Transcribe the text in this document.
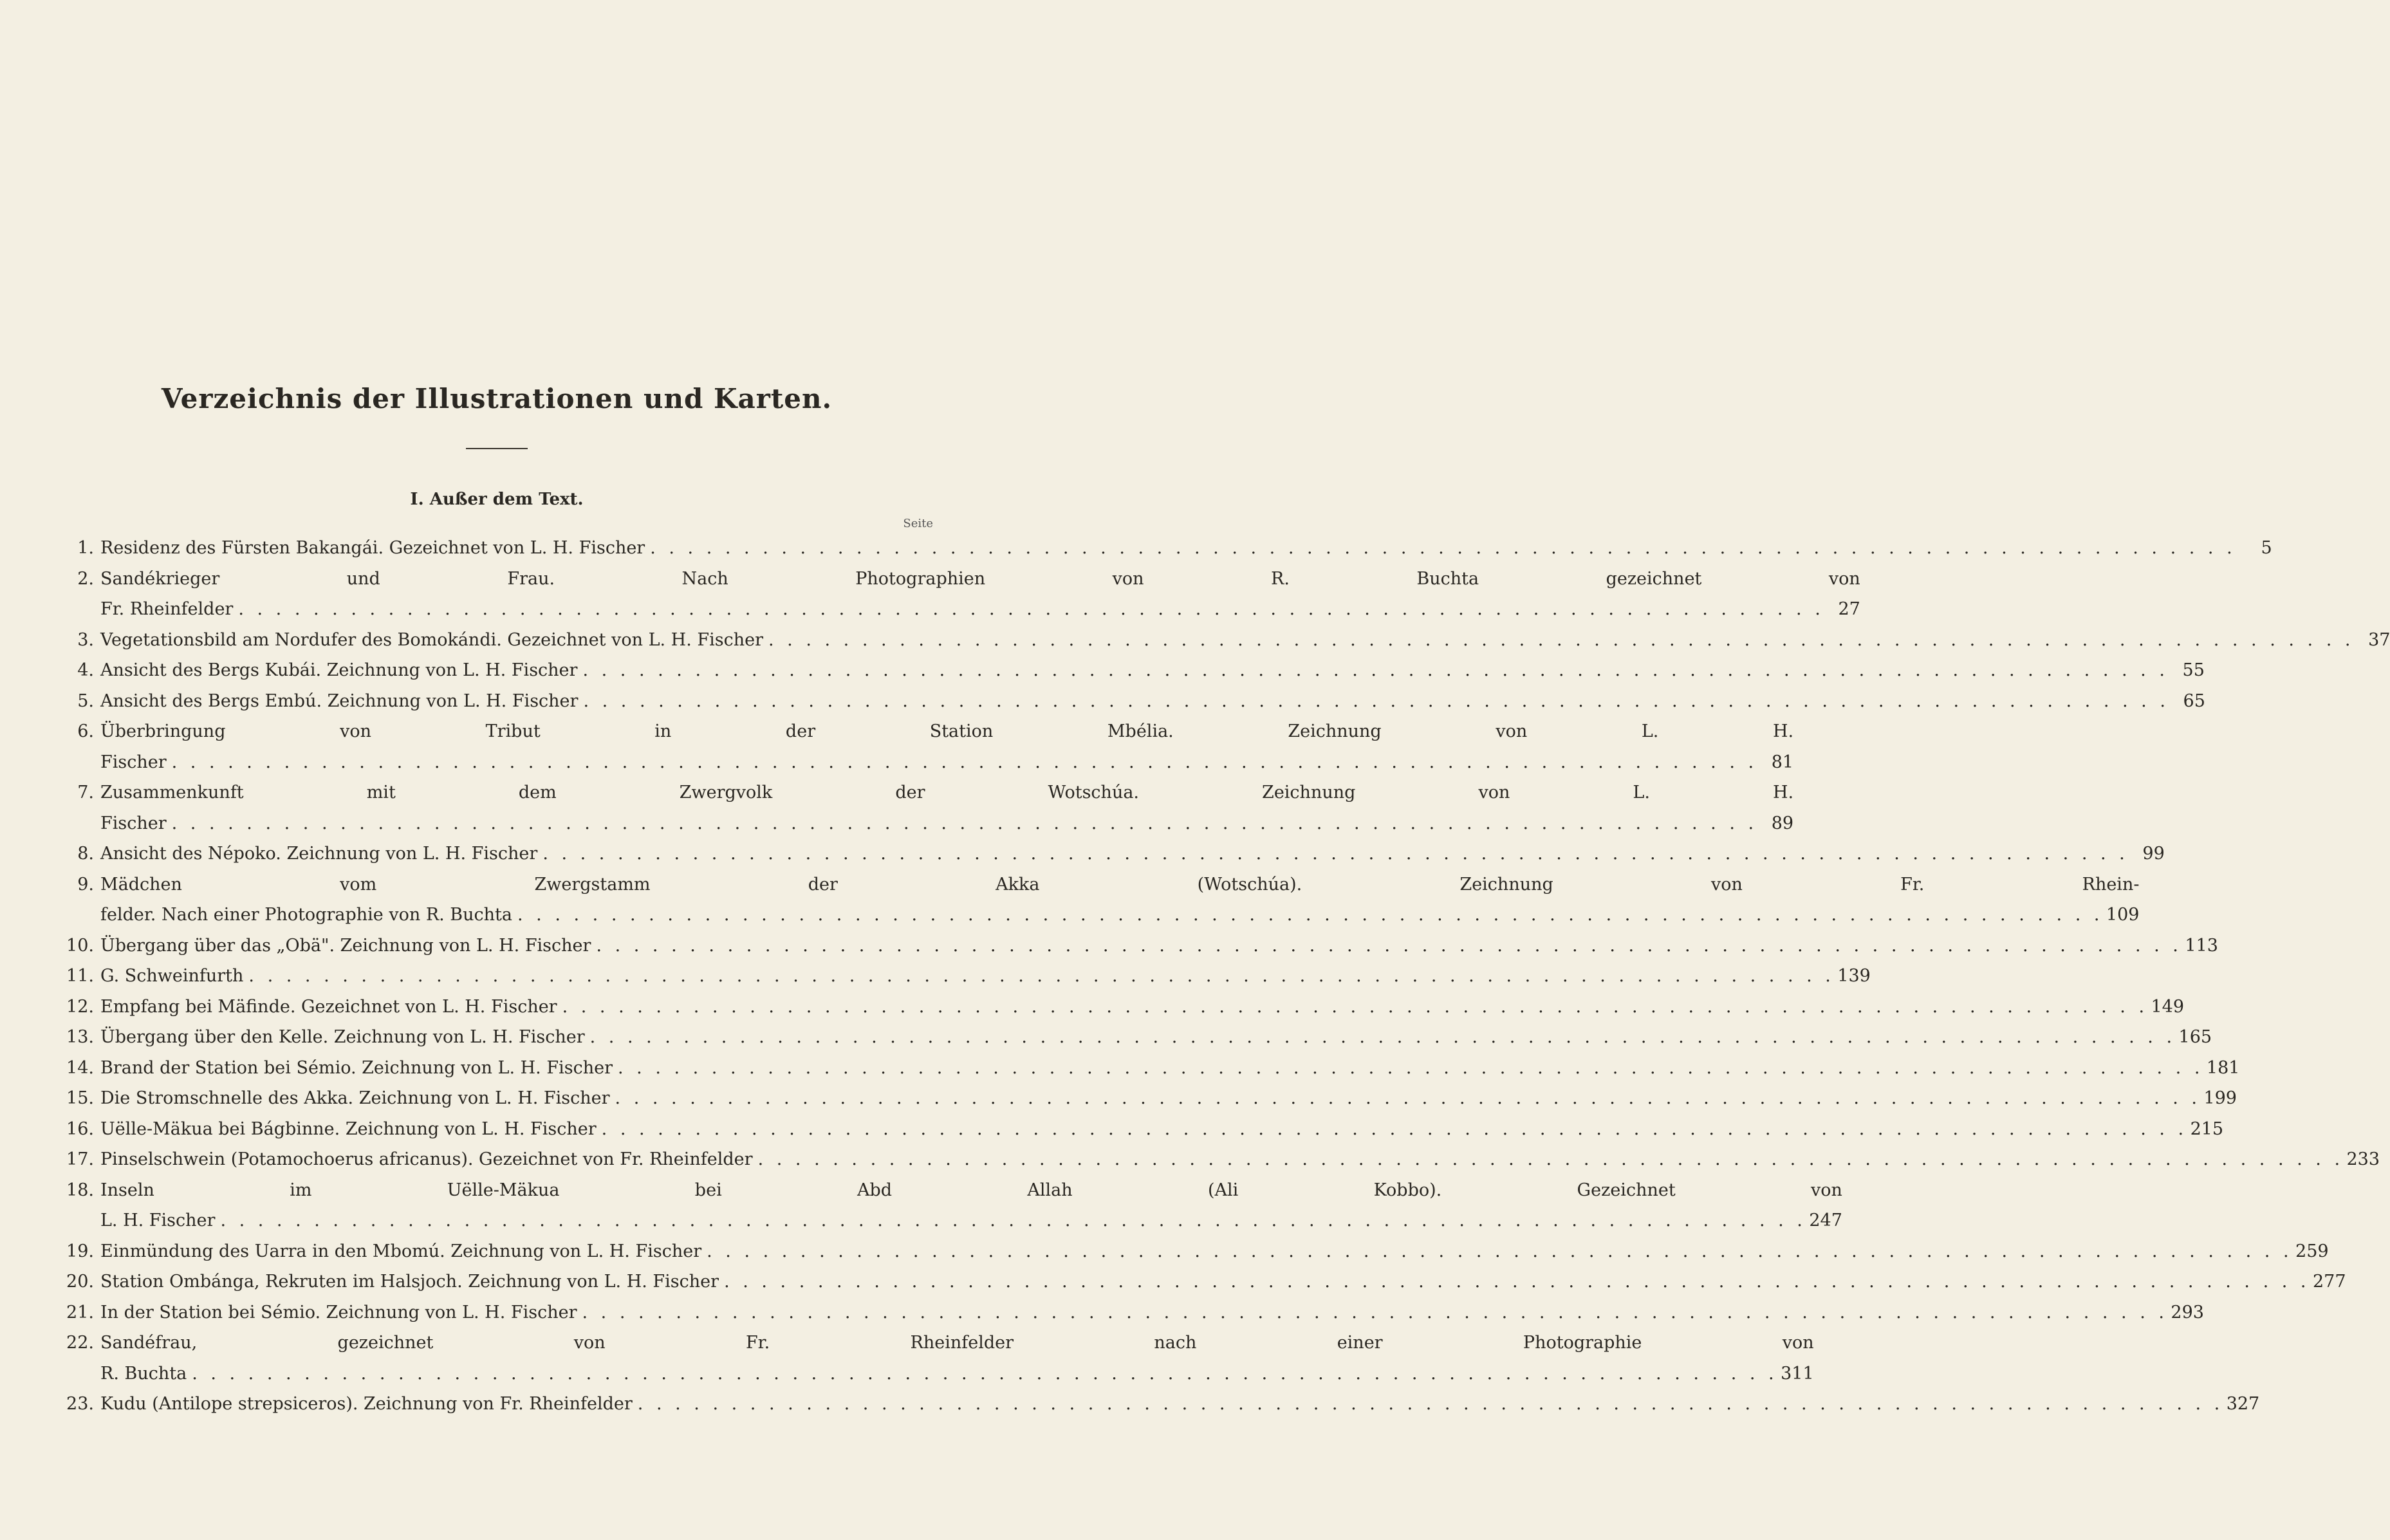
Verzeichnis der Illustrationen und Karten.
I. Außer dem Text.
Seite
1. Residenz des Fürsten Bakangái. Gezeichnet von L. H. Fischer . . .	5
2. Sandékrieger und Frau. Nach Photographien von R. Buchta gezeichnet von
Fr. Rheinfelder . . .	27
3. Vegetationsbild am Nordufer des Bomokándi. Gezeichnet von L. H. Fischer . . .	37
4. Ansicht des Bergs Kubái. Zeichnung von L. H. Fischer . . .	55
5. Ansicht des Bergs Embú. Zeichnung von L. H. Fischer . . .	65
6. Überbringung von Tribut in der Station Mbélia. Zeichnung von L. H.
Fischer . . .	81
7. Zusammenkunft mit dem Zwergvolk der Wotschúa. Zeichnung von L. H.
Fischer . . .	89
8. Ansicht des Népoko. Zeichnung von L. H. Fischer . . .	99
9. Mädchen vom Zwergstamm der Akka (Wotschúa). Zeichnung von Fr. Rhein-
felder. Nach einer Photographie von R. Buchta . . .	109
10. Übergang über das „Obä". Zeichnung von L. H. Fischer . . .	113
11. G. Schweinfurth . . .	139
12. Empfang bei Mäfinde. Gezeichnet von L. H. Fischer . . .	149
13. Übergang über den Kelle. Zeichnung von L. H. Fischer . . .	165
14. Brand der Station bei Sémio. Zeichnung von L. H. Fischer . . .	181
15. Die Stromschnelle des Akka. Zeichnung von L. H. Fischer . . .	199
16. Uëlle-Mäkua bei Bágbinne. Zeichnung von L. H. Fischer . . .	215
17. Pinselschwein (Potamochoerus africanus). Gezeichnet von Fr. Rheinfelder . . .	233
18. Inseln im Uëlle-Mäkua bei Abd Allah (Ali Kobbo). Gezeichnet von
L. H. Fischer . . .	247
19. Einmündung des Uarra in den Mbomú. Zeichnung von L. H. Fischer . . .	259
20. Station Ombánga, Rekruten im Halsjoch. Zeichnung von L. H. Fischer . . .	277
21. In der Station bei Sémio. Zeichnung von L. H. Fischer . . .	293
22. Sandéfrau, gezeichnet von Fr. Rheinfelder nach einer Photographie von
R. Buchta . . .	311
23. Kudu (Antilope strepsiceros). Zeichnung von Fr. Rheinfelder . . .	327
